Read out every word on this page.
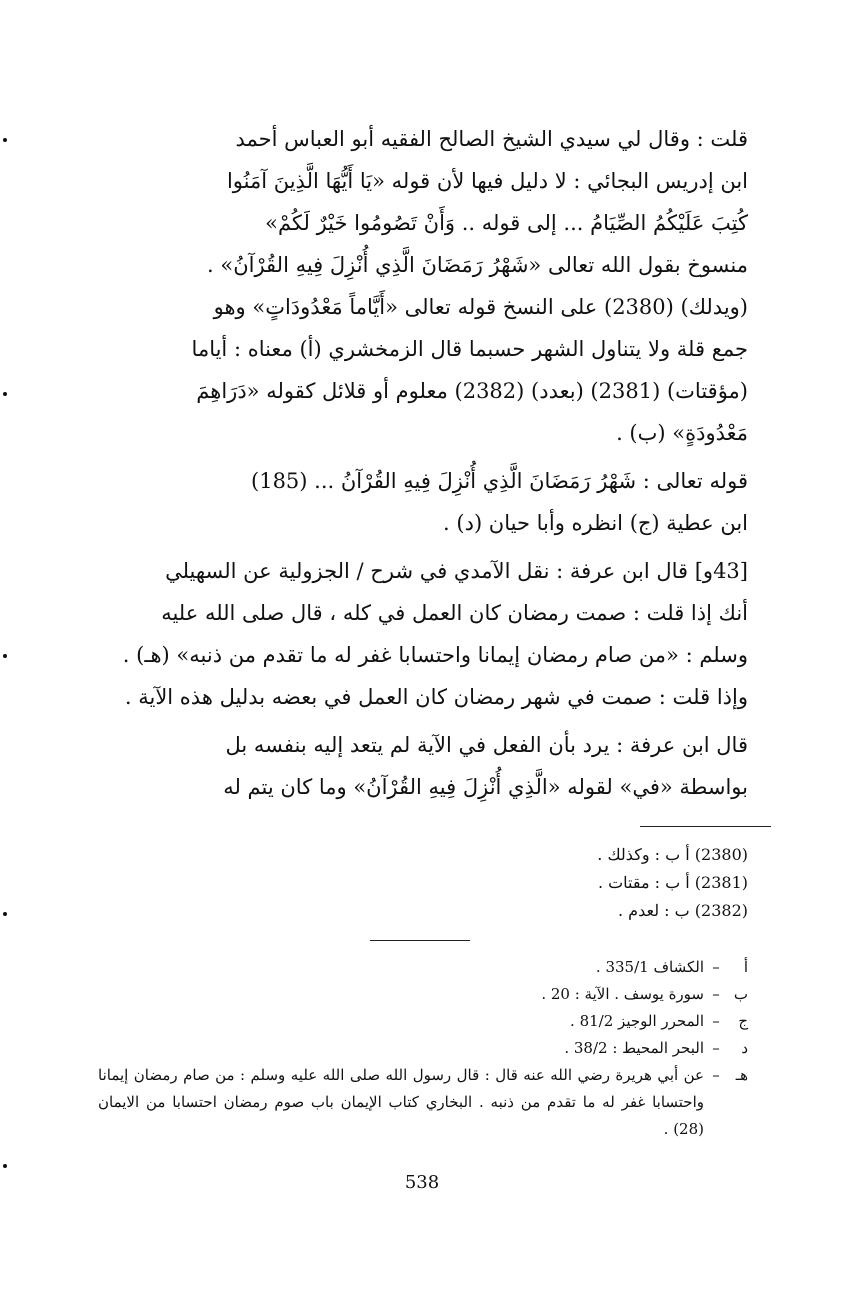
قلت : وقال لي سيدي الشيخ الصالح الفقيه أبو العباس أحمد
ابن إدريس البجائي : لا دليل فيها لأن قوله «يَا أَيُّهَا الَّذِينَ آمَنُوا
كُتِبَ عَلَيْكُمُ الصِّيَامُ ... إلى قوله .. وَأَنْ تَصُومُوا خَيْرٌ لَكُمْ»
منسوخ بقول الله تعالى «شَهْرُ رَمَضَانَ الَّذِي أُنْزِلَ فِيهِ القُرْآنُ» .
(ويدلك) (2380) على النسخ قوله تعالى «أَيَّاماً مَعْدُودَاتٍ» وهو
جمع قلة ولا يتناول الشهر حسبما قال الزمخشري (أ) معناه : أياما
(مؤقتات) (2381) (بعدد) (2382) معلوم أو قلائل كقوله «دَرَاهِمَ
مَعْدُودَةٍ» (ب) .
قوله تعالى : شَهْرُ رَمَضَانَ الَّذِي أُنْزِلَ فِيهِ القُرْآنُ ... (185)
ابن عطية (ج) انظره وأبا حيان (د) .
[43و] قال ابن عرفة : نقل الآمدي في شرح / الجزولية عن السهيلي
أنك إذا قلت : صمت رمضان كان العمل في كله ، قال صلى الله عليه
وسلم : «من صام رمضان إيمانا واحتسابا غفر له ما تقدم من ذنبه» (هـ) .
وإذا قلت : صمت في شهر رمضان كان العمل في بعضه بدليل هذه الآية .
قال ابن عرفة : يرد بأن الفعل في الآية لم يتعد إليه بنفسه بل
بواسطة «في» لقوله «الَّذِي أُنْزِلَ فِيهِ القُرْآنُ» وما كان يتم له
(2380) أ ب : وكذلك .
(2381) أ ب : مقتات .
(2382) ب : لعدم .
أ
–
الكشاف 335/1 .
ب
–
سورة يوسف . الآية : 20 .
ج
–
المحرر الوجيز 81/2 .
د
–
البحر المحيط : 38/2 .
هـ
–
عن أبي هريرة رضي الله عنه قال : قال رسول الله صلى الله عليه وسلم : من صام رمضان إيمانا واحتسابا غفر له ما تقدم من ذنبه . البخاري كتاب الإيمان باب صوم رمضان احتسابا من الايمان (28) .
538
